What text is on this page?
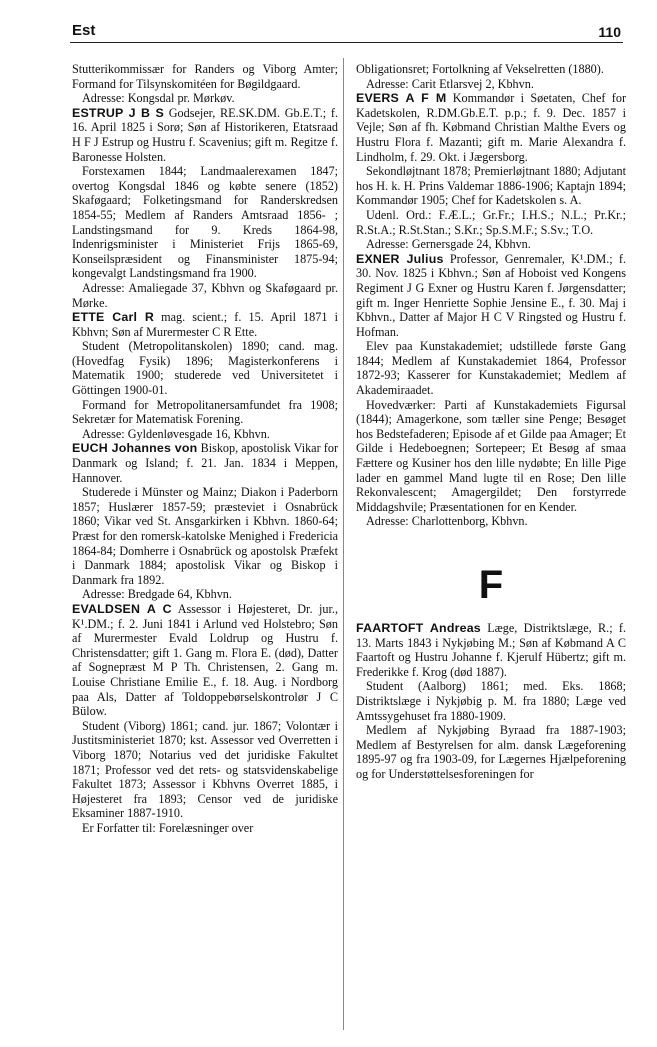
Est	110

Stutterikommissær for Randers og Viborg Amter; Formand for Tilsynskomitéen for Bøgildgaard.

Adresse: Kongsdal pr. Mørkøv.

ESTRUP J B S Godsejer, RE.SK.DM. Gb.E.T.; f. 16. April 1825 i Sorø; Søn af Historikeren, Etatsraad H F J Estrup og Hustru f. Scavenius; gift m. Regitze f. Baronesse Holsten.

Forstexamen 1844; Landmaalerexamen 1847; overtog Kongsdal 1846 og købte senere (1852) Skaføgaard; Folketingsmand for Randerskredsen 1854-55; Medlem af Randers Amtsraad 1856- ; Landstingsmand for 9. Kreds 1864-98, Indenrigsminister i Ministeriet Frijs 1865-69, Konseilspræsident og Finansminister 1875-94; kongevalgt Landstingsmand fra 1900.

Adresse: Amaliegade 37, Kbhvn og Skaføgaard pr. Mørke.

ETTE Carl R mag. scient.; f. 15. April 1871 i Kbhvn; Søn af Murermester C R Ette.

Student (Metropolitanskolen) 1890; cand. mag. (Hovedfag Fysik) 1896; Magisterkonferens i Matematik 1900; studerede ved Universitetet i Göttingen 1900-01.

Formand for Metropolitanersamfundet fra 1908; Sekretær for Matematisk Forening.

Adresse: Gyldenløvesgade 16, Kbhvn.

EUCH Johannes von Biskop, apostolisk Vikar for Danmark og Island; f. 21. Jan. 1834 i Meppen, Hannover.

Studerede i Münster og Mainz; Diakon i Paderborn 1857; Huslærer 1857-59; præsteviet i Osnabrück 1860; Vikar ved St. Ansgarkirken i Kbhvn. 1860-64; Præst for den romersk-katolske Menighed i Fredericia 1864-84; Domherre i Osnabrück og apostolsk Præfekt i Danmark 1884; apostolisk Vikar og Biskop i Danmark fra 1892.

Adresse: Bredgade 64, Kbhvn.

EVALDSEN A C Assessor i Højesteret, Dr. jur., K¹.DM.; f. 2. Juni 1841 i Arlund ved Holstebro; Søn af Murermester Evald Loldrup og Hustru f. Christensdatter; gift 1. Gang m. Flora E. (død), Datter af Sognepræst M P Th. Christensen, 2. Gang m. Louise Christiane Emilie E., f. 18. Aug. i Nordborg paa Als, Datter af Toldoppebørselskontrolør J C Bülow.

Student (Viborg) 1861; cand. jur. 1867; Volontær i Justitsministeriet 1870; kst. Assessor ved Overretten i Viborg 1870; Notarius ved det juridiske Fakultet 1871; Professor ved det rets- og statsvidenskabelige Fakultet 1873; Assessor i Kbhvns Overret 1885, i Højesteret fra 1893; Censor ved de juridiske Eksaminer 1887-1910.

Er Forfatter til: Forelæsninger over

Obligationsret; Fortolkning af Vekselretten (1880).

Adresse: Carit Etlarsvej 2, Kbhvn.

EVERS A F M Kommandør i Søetaten, Chef for Kadetskolen, R.DM.Gb.E.T. p.p.; f. 9. Dec. 1857 i Vejle; Søn af fh. Købmand Christian Malthe Evers og Hustru Flora f. Mazanti; gift m. Marie Alexandra f. Lindholm, f. 29. Okt. i Jægersborg.

Sekondløjtnant 1878; Premierløjtnant 1880; Adjutant hos H. k. H. Prins Valdemar 1886-1906; Kaptajn 1894; Kommandør 1905; Chef for Kadetskolen s. A.

Udenl. Ord.: F.Æ.L.; Gr.Fr.; I.H.S.; N.L.; Pr.Kr.; R.St.A.; R.St.Stan.; S.Kr.; Sp.S.M.F.; S.Sv.; T.O.

Adresse: Gernersgade 24, Kbhvn.

EXNER Julius Professor, Genremaler, K¹.DM.; f. 30. Nov. 1825 i Kbhvn.; Søn af Hoboist ved Kongens Regiment J G Exner og Hustru Karen f. Jørgensdatter; gift m. Inger Henriette Sophie Jensine E., f. 30. Maj i Kbhvn., Datter af Major H C V Ringsted og Hustru f. Hofman.

Elev paa Kunstakademiet; udstillede første Gang 1844; Medlem af Kunstakademiet 1864, Professor 1872-93; Kasserer for Kunstakademiet; Medlem af Akademiraadet.

Hovedværker: Parti af Kunstakademiets Figursal (1844); Amagerkone, som tæller sine Penge; Besøget hos Bedstefaderen; Episode af et Gilde paa Amager; Et Gilde i Hedeboegnen; Sortepeer; Et Besøg af smaa Fættere og Kusiner hos den lille nydøbte; En lille Pige lader en gammel Mand lugte til en Rose; Den lille Rekonvalescent; Amagergildet; Den forstyrrede Middagshvile; Præsentationen for en Kender.

Adresse: Charlottenborg, Kbhvn.

F

FAARTOFT Andreas Læge, Distriktslæge, R.; f. 13. Marts 1843 i Nykjøbing M.; Søn af Købmand A C Faartoft og Hustru Johanne f. Kjerulf Hübertz; gift m. Frederikke f. Krog (død 1887).

Student (Aalborg) 1861; med. Eks. 1868; Distriktslæge i Nykjøbig p. M. fra 1880; Læge ved Amtssygehuset fra 1880-1909.

Medlem af Nykjøbing Byraad fra 1887-1903; Medlem af Bestyrelsen for alm. dansk Lægeforening 1895-97 og fra 1903-09, for Lægernes Hjælpeforening og for Understøttelsesforeningen for
